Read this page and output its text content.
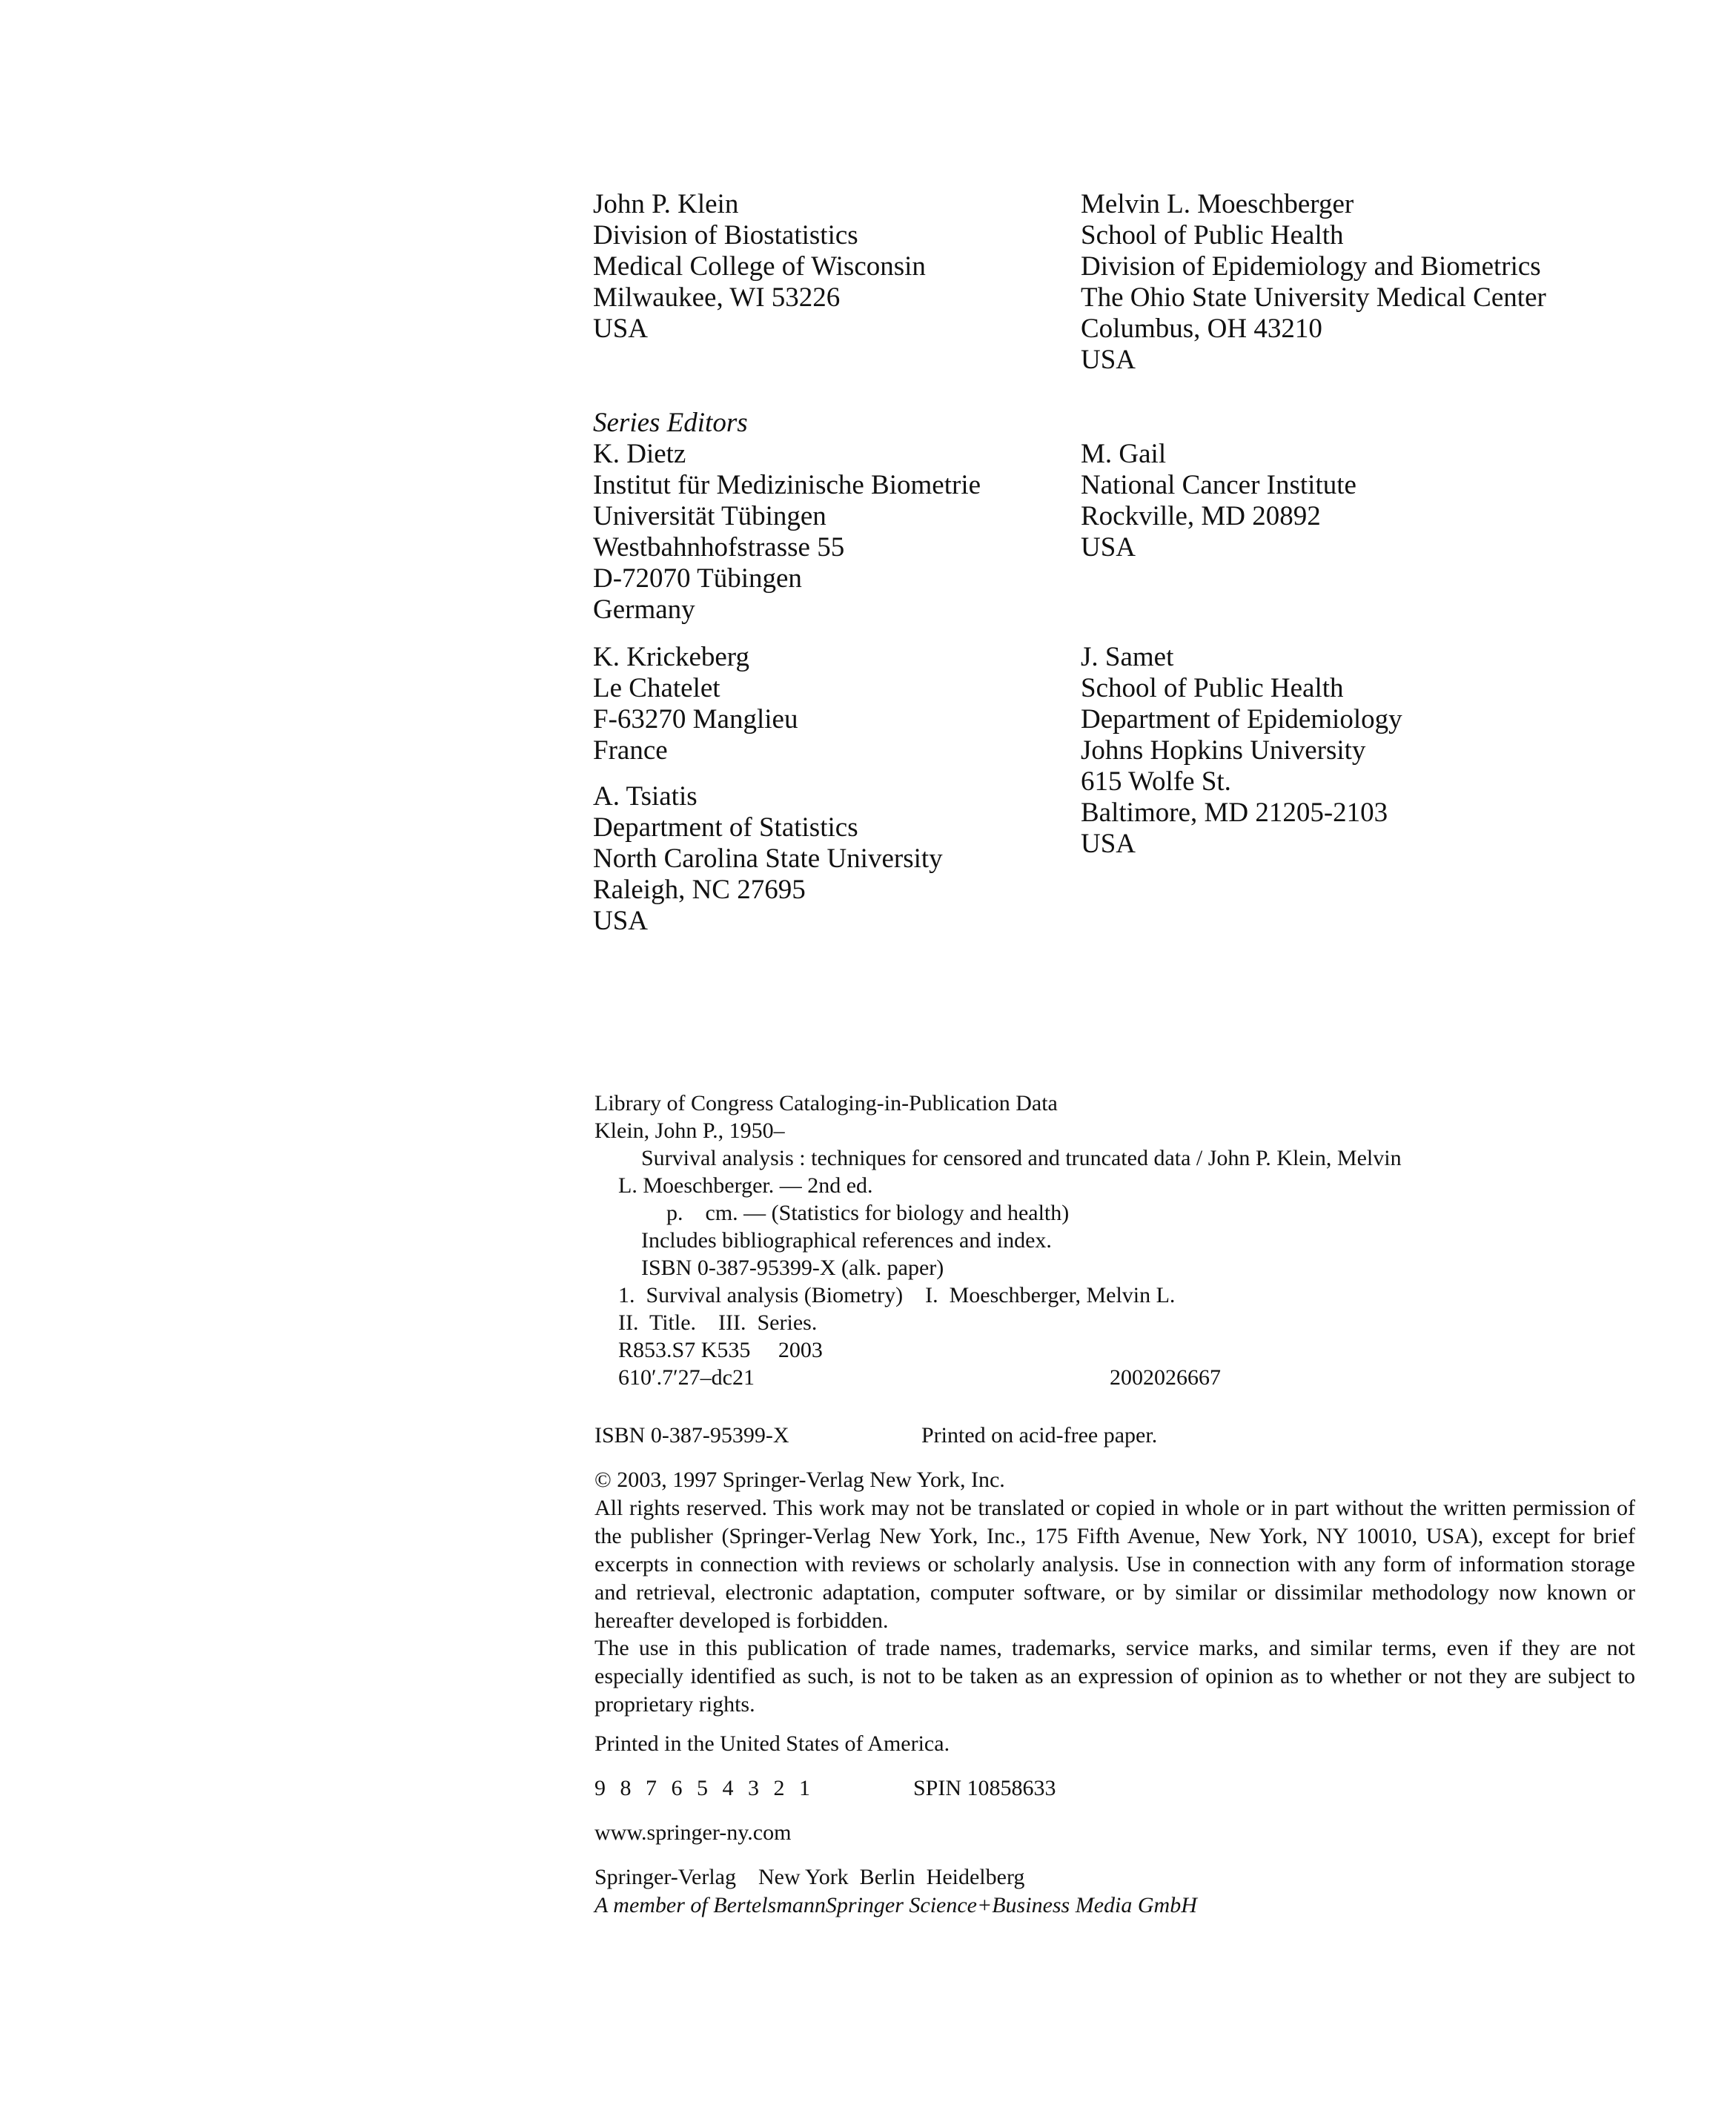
John P. Klein
Division of Biostatistics
Medical College of Wisconsin
Milwaukee, WI 53226
USA
Melvin L. Moeschberger
School of Public Health
Division of Epidemiology and Biometrics
The Ohio State University Medical Center
Columbus, OH 43210
USA
Series Editors
K. Dietz
Institut für Medizinische Biometrie
Universität Tübingen
Westbahnhofstrasse 55
D-72070 Tübingen
Germany
M. Gail
National Cancer Institute
Rockville, MD 20892
USA
K. Krickeberg
Le Chatelet
F-63270 Manglieu
France
J. Samet
School of Public Health
Department of Epidemiology
Johns Hopkins University
615 Wolfe St.
Baltimore, MD 21205-2103
USA
A. Tsiatis
Department of Statistics
North Carolina State University
Raleigh, NC 27695
USA
Library of Congress Cataloging-in-Publication Data
Klein, John P., 1950–
Survival analysis : techniques for censored and truncated data / John P. Klein, Melvin
L. Moeschberger. — 2nd ed.
p.    cm. — (Statistics for biology and health)
Includes bibliographical references and index.
ISBN 0-387-95399-X (alk. paper)
1.  Survival analysis (Biometry)    I.  Moeschberger, Melvin L.
II.  Title.    III.  Series.
R853.S7 K535     2003
610′.7′27–dc21	2002026667
ISBN 0-387-95399-X	Printed on acid-free paper.
© 2003, 1997 Springer-Verlag New York, Inc.
All rights reserved. This work may not be translated or copied in whole or in part without the written permission of the publisher (Springer-Verlag New York, Inc., 175 Fifth Avenue, New York, NY 10010, USA), except for brief excerpts in connection with reviews or scholarly analysis. Use in connection with any form of information storage and retrieval, electronic adaptation, computer software, or by similar or dissimilar methodology now known or hereafter developed is forbidden.
The use in this publication of trade names, trademarks, service marks, and similar terms, even if they are not especially identified as such, is not to be taken as an expression of opinion as to whether or not they are subject to proprietary rights.
Printed in the United States of America.
9 8 7 6 5 4 3 2 1	SPIN 10858633
www.springer-ny.com
Springer-Verlag    New York  Berlin  Heidelberg
A member of BertelsmannSpringer Science+Business Media GmbH
